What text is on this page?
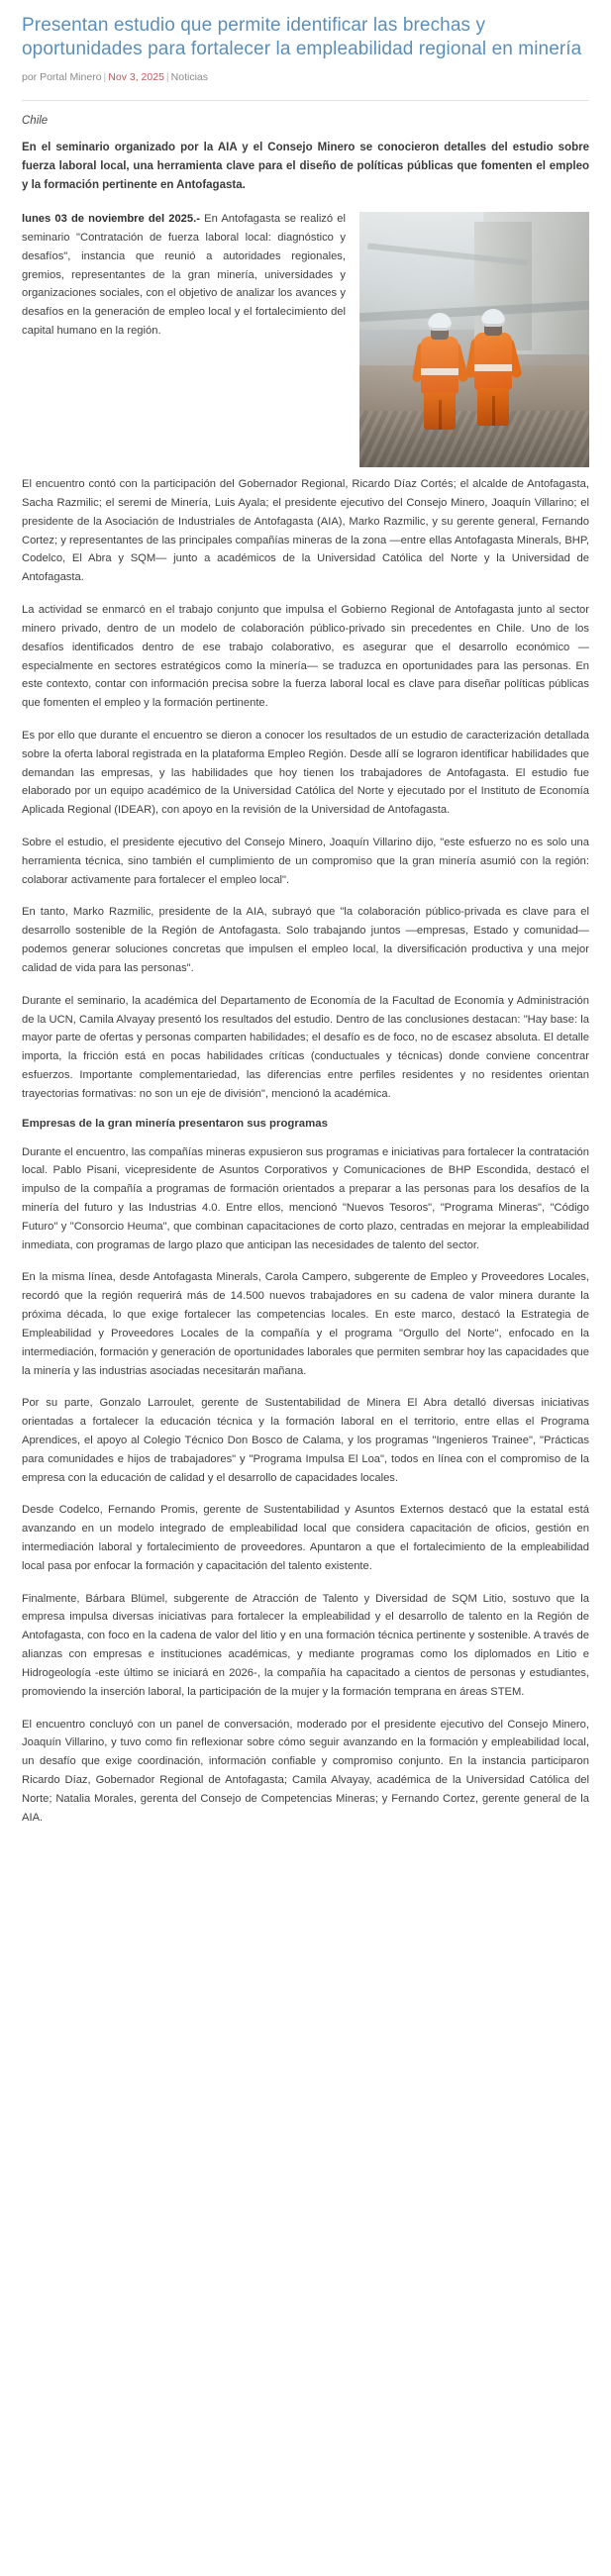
Presentan estudio que permite identificar las brechas y oportunidades para fortalecer la empleabilidad regional en minería
por Portal Minero | Nov 3, 2025 | Noticias
Chile
En el seminario organizado por la AIA y el Consejo Minero se conocieron detalles del estudio sobre fuerza laboral local, una herramienta clave para el diseño de políticas públicas que fomenten el empleo y la formación pertinente en Antofagasta.

lunes 03 de noviembre del 2025.- En Antofagasta se realizó el seminario "Contratación de fuerza laboral local: diagnóstico y desafíos", instancia que reunió a autoridades regionales, gremios, representantes de la gran minería, universidades y organizaciones sociales, con el objetivo de analizar los avances y desafíos en la generación de empleo local y el fortalecimiento del capital humano en la región.

El encuentro contó con la participación del Gobernador Regional, Ricardo Díaz Cortés; el alcalde de Antofagasta, Sacha Razmilic; el seremi de Minería, Luis Ayala; el presidente ejecutivo del Consejo Minero, Joaquín Villarino; el presidente de la Asociación de Industriales de Antofagasta (AIA), Marko Razmilic, y su gerente general, Fernando Cortez; y representantes de las principales compañías mineras de la zona —entre ellas Antofagasta Minerals, BHP, Codelco, El Abra y SQM— junto a académicos de la Universidad Católica del Norte y la Universidad de Antofagasta.

La actividad se enmarcó en el trabajo conjunto que impulsa el Gobierno Regional de Antofagasta junto al sector minero privado, dentro de un modelo de colaboración público-privado sin precedentes en Chile. Uno de los desafíos identificados dentro de ese trabajo colaborativo, es asegurar que el desarrollo económico —especialmente en sectores estratégicos como la minería— se traduzca en oportunidades para las personas. En este contexto, contar con información precisa sobre la fuerza laboral local es clave para diseñar políticas públicas que fomenten el empleo y la formación pertinente.

Es por ello que durante el encuentro se dieron a conocer los resultados de un estudio de caracterización detallada sobre la oferta laboral registrada en la plataforma Empleo Región. Desde allí se lograron identificar habilidades que demandan las empresas, y las habilidades que hoy tienen los trabajadores de Antofagasta. El estudio fue elaborado por un equipo académico de la Universidad Católica del Norte y ejecutado por el Instituto de Economía Aplicada Regional (IDEAR), con apoyo en la revisión de la Universidad de Antofagasta.

Sobre el estudio, el presidente ejecutivo del Consejo Minero, Joaquín Villarino dijo, "este esfuerzo no es solo una herramienta técnica, sino también el cumplimiento de un compromiso que la gran minería asumió con la región: colaborar activamente para fortalecer el empleo local".

En tanto, Marko Razmilic, presidente de la AIA, subrayó que "la colaboración público-privada es clave para el desarrollo sostenible de la Región de Antofagasta. Solo trabajando juntos —empresas, Estado y comunidad— podemos generar soluciones concretas que impulsen el empleo local, la diversificación productiva y una mejor calidad de vida para las personas".

Durante el seminario, la académica del Departamento de Economía de la Facultad de Economía y Administración de la UCN, Camila Alvayay presentó los resultados del estudio. Dentro de las conclusiones destacan: "Hay base: la mayor parte de ofertas y personas comparten habilidades; el desafío es de foco, no de escasez absoluta. El detalle importa, la fricción está en pocas habilidades críticas (conductuales y técnicas) donde conviene concentrar esfuerzos. Importante complementariedad, las diferencias entre perfiles residentes y no residentes orientan trayectorias formativas: no son un eje de división", mencionó la académica.

Empresas de la gran minería presentaron sus programas

Durante el encuentro, las compañías mineras expusieron sus programas e iniciativas para fortalecer la contratación local. Pablo Pisani, vicepresidente de Asuntos Corporativos y Comunicaciones de BHP Escondida, destacó el impulso de la compañía a programas de formación orientados a preparar a las personas para los desafíos de la minería del futuro y las Industrias 4.0. Entre ellos, mencionó "Nuevos Tesoros", "Programa Mineras", "Código Futuro" y "Consorcio Heuma", que combinan capacitaciones de corto plazo, centradas en mejorar la empleabilidad inmediata, con programas de largo plazo que anticipan las necesidades de talento del sector.

En la misma línea, desde Antofagasta Minerals, Carola Campero, subgerente de Empleo y Proveedores Locales, recordó que la región requerirá más de 14.500 nuevos trabajadores en su cadena de valor minera durante la próxima década, lo que exige fortalecer las competencias locales. En este marco, destacó la Estrategia de Empleabilidad y Proveedores Locales de la compañía y el programa "Orgullo del Norte", enfocado en la intermediación, formación y generación de oportunidades laborales que permiten sembrar hoy las capacidades que la minería y las industrias asociadas necesitarán mañana.

Por su parte, Gonzalo Larroulet, gerente de Sustentabilidad de Minera El Abra detalló diversas iniciativas orientadas a fortalecer la educación técnica y la formación laboral en el territorio, entre ellas el Programa Aprendices, el apoyo al Colegio Técnico Don Bosco de Calama, y los programas "Ingenieros Trainee", "Prácticas para comunidades e hijos de trabajadores" y "Programa Impulsa El Loa", todos en línea con el compromiso de la empresa con la educación de calidad y el desarrollo de capacidades locales.

Desde Codelco, Fernando Promis, gerente de Sustentabilidad y Asuntos Externos destacó que la estatal está avanzando en un modelo integrado de empleabilidad local que considera capacitación de oficios, gestión en intermediación laboral y fortalecimiento de proveedores. Apuntaron a que el fortalecimiento de la empleabilidad local pasa por enfocar la formación y capacitación del talento existente.

Finalmente, Bárbara Blümel, subgerente de Atracción de Talento y Diversidad de SQM Litio, sostuvo que la empresa impulsa diversas iniciativas para fortalecer la empleabilidad y el desarrollo de talento en la Región de Antofagasta, con foco en la cadena de valor del litio y en una formación técnica pertinente y sostenible. A través de alianzas con empresas e instituciones académicas, y mediante programas como los diplomados en Litio e Hidrogeología -este último se iniciará en 2026-, la compañía ha capacitado a cientos de personas y estudiantes, promoviendo la inserción laboral, la participación de la mujer y la formación temprana en áreas STEM.

El encuentro concluyó con un panel de conversación, moderado por el presidente ejecutivo del Consejo Minero, Joaquín Villarino, y tuvo como fin reflexionar sobre cómo seguir avanzando en la formación y empleabilidad local, un desafío que exige coordinación, información confiable y compromiso conjunto. En la instancia participaron Ricardo Díaz, Gobernador Regional de Antofagasta; Camila Alvayay, académica de la Universidad Católica del Norte; Natalia Morales, gerenta del Consejo de Competencias Mineras; y Fernando Cortez, gerente general de la AIA.
